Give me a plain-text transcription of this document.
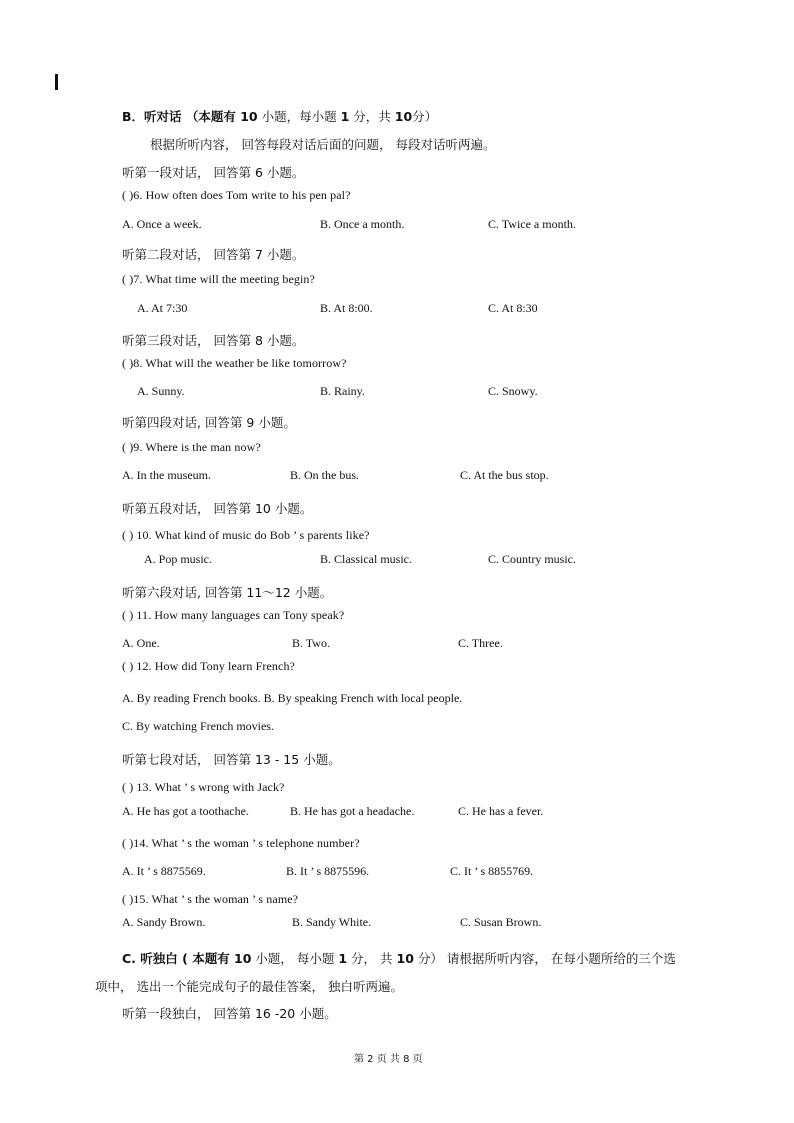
B．听对话 （本题有 10 小题，每小题 1 分，共 10分）
根据所听内容， 回答每段对话后面的问题， 每段对话听两遍。
听第一段对话， 回答第 6 小题。
( )6. How often does Tom write to his pen pal?
A. Once a week.	B. Once a month.	C. Twice a month.
听第二段对话， 回答第 7 小题。
( )7. What time will the meeting begin?
A. At 7:30	B. At 8:00.	C. At 8:30
听第三段对话， 回答第 8 小题。
( )8. What will the weather be like tomorrow?
A. Sunny.	B. Rainy.	C. Snowy.
听第四段对话, 回答第 9 小题。
( )9. Where is the man now?
A. In the museum.	B. On the bus.	C. At the bus stop.
听第五段对话， 回答第 10 小题。
( ) 10. What kind of music do Bob ’ s parents like?
A. Pop music.	B. Classical music.	C. Country music.
听第六段对话, 回答第 11～12 小题。
( ) 11. How many languages can Tony speak?
A. One.	B. Two.	C. Three.
( ) 12. How did Tony learn French?
A. By reading French books. B. By speaking French with local people.
C. By watching French movies.
听第七段对话， 回答第 13 - 15 小题。
( ) 13. What ’ s wrong with Jack?
A. He has got a toothache.	B. He has got a headache.	C. He has a fever.
( )14. What ’ s the woman ’ s telephone number?
A. It ’ s 8875569.	B. It ’ s 8875596.	C. It ’ s 8855769.
( )15. What ’ s the woman ’ s name?
A. Sandy Brown.	B. Sandy White.	C. Susan Brown.
C. 听独白 ( 本题有 10 小题， 每小题 1 分， 共 10 分） 请根据所听内容， 在每小题所给的三个选
项中， 选出一个能完成句子的最佳答案， 独白听两遍。
听第一段独白， 回答第 16 -20 小题。
第 2 页 共 8 页
